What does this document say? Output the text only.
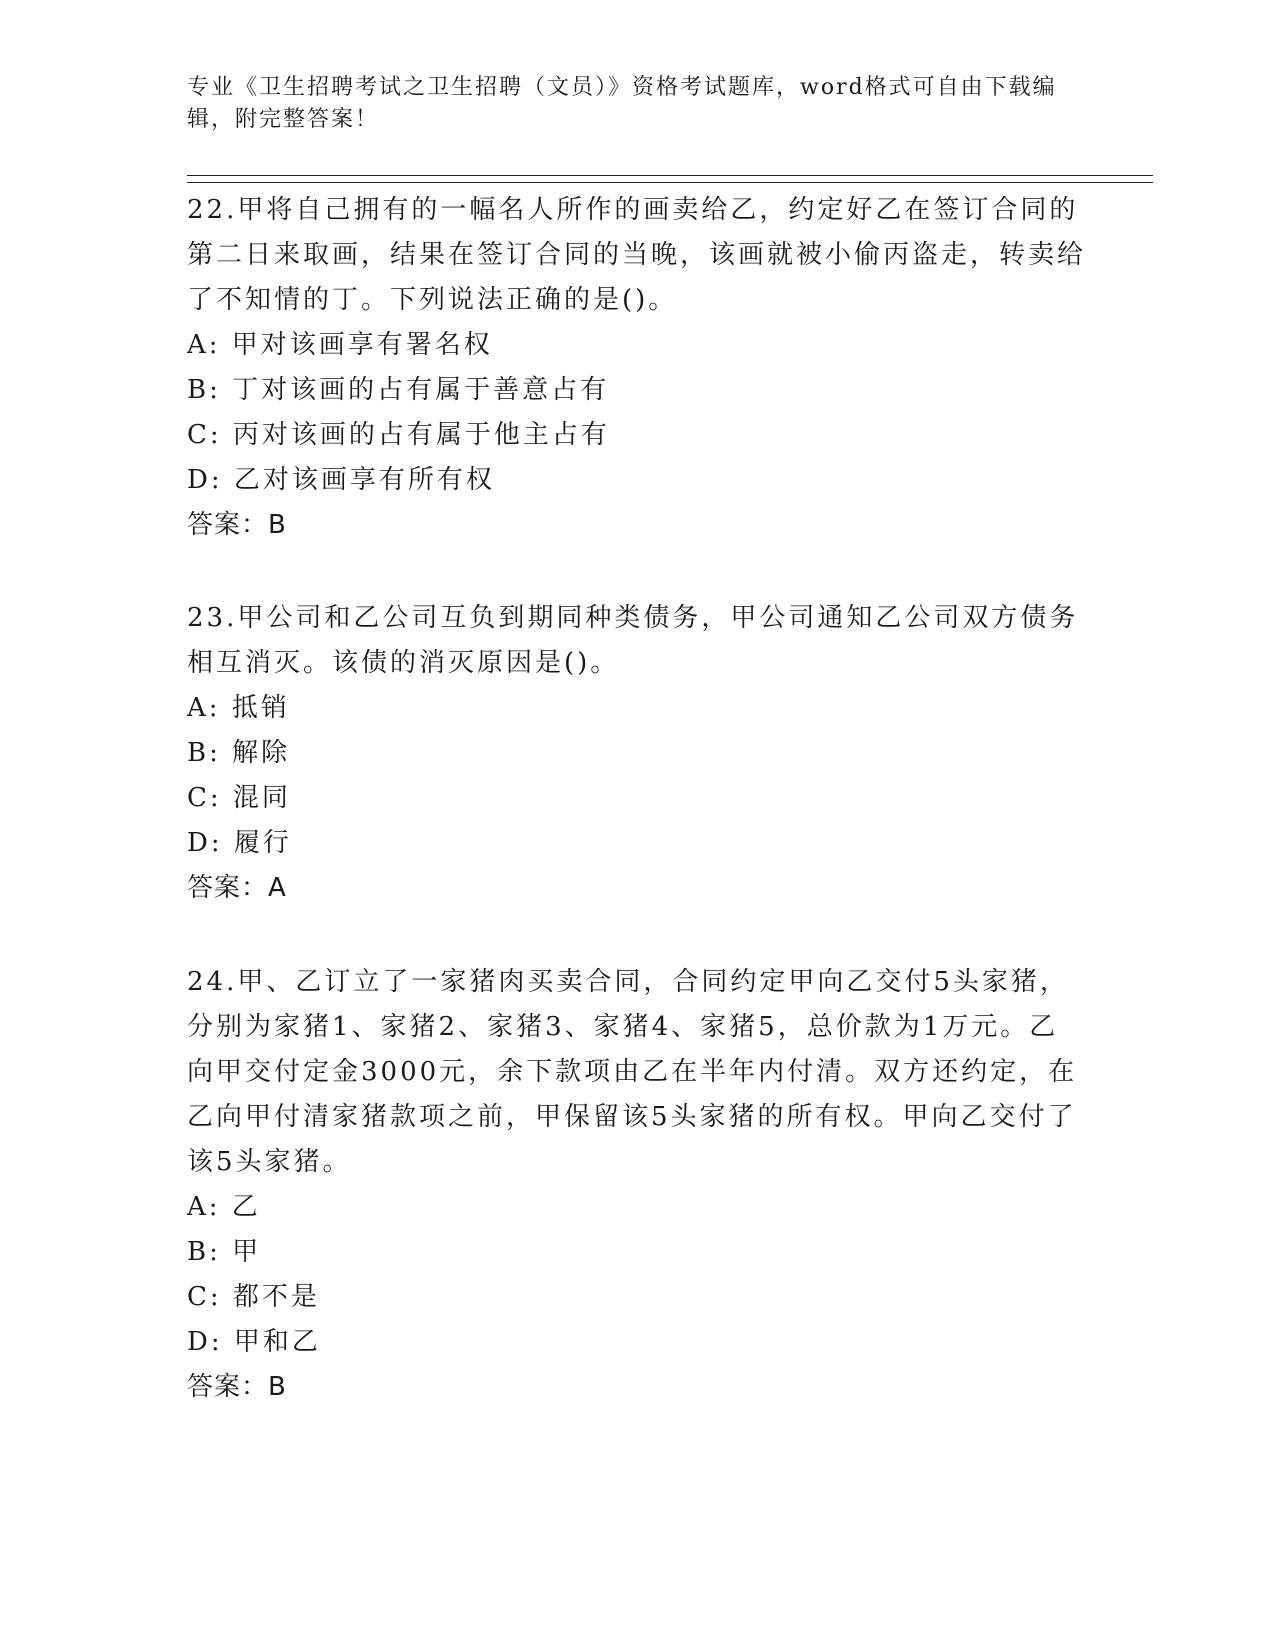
专业《卫生招聘考试之卫生招聘（文员）》资格考试题库，word格式可自由下载编辑，附完整答案！

22.甲将自己拥有的一幅名人所作的画卖给乙，约定好乙在签订合同的第二日来取画，结果在签订合同的当晚，该画就被小偷丙盗走，转卖给了不知情的丁。下列说法正确的是()。

A: 甲对该画享有署名权

B: 丁对该画的占有属于善意占有

C: 丙对该画的占有属于他主占有

D: 乙对该画享有所有权

答案：B

23.甲公司和乙公司互负到期同种类债务，甲公司通知乙公司双方债务相互消灭。该债的消灭原因是()。

A: 抵销

B: 解除

C: 混同

D: 履行

答案：A

24.甲、乙订立了一家猪肉买卖合同，合同约定甲向乙交付5头家猪，分别为家猪1、家猪2、家猪3、家猪4、家猪5，总价款为1万元。乙向甲交付定金3000元，余下款项由乙在半年内付清。双方还约定，在乙向甲付清家猪款项之前，甲保留该5头家猪的所有权。甲向乙交付了该5头家猪。

A: 乙

B: 甲

C: 都不是

D: 甲和乙

答案：B
